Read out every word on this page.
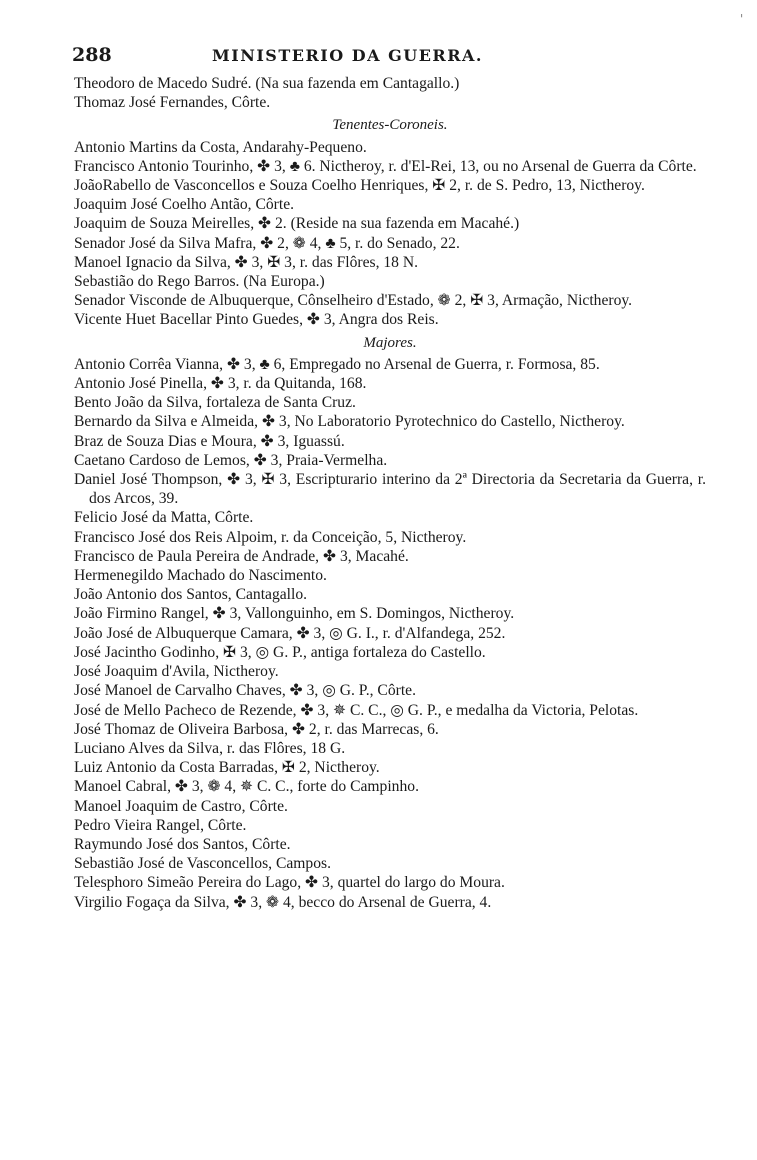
'
288	MINISTERIO DA GUERRA.

Theodoro de Macedo Sudré. (Na sua fazenda em Cantagallo.)

Thomaz José Fernandes, Côrte.

Tenentes-Coroneis.

Antonio Martins da Costa, Andarahy-Pequeno.

Francisco Antonio Tourinho, ✤ 3, ♣ 6. Nictheroy, r. d'El-Rei, 13, ou no Arsenal de Guerra da Côrte.

JoãoRabello de Vasconcellos e Souza Coelho Henriques, ✠ 2, r. de S. Pedro, 13, Nictheroy.

Joaquim José Coelho Antão, Côrte.

Joaquim de Souza Meirelles, ✤ 2. (Reside na sua fazenda em Macahé.)

Senador José da Silva Mafra, ✤ 2, ❁ 4, ♣ 5, r. do Senado, 22.

Manoel Ignacio da Silva, ✤ 3, ✠ 3, r. das Flôres, 18 N.

Sebastião do Rego Barros. (Na Europa.)

Senador Visconde de Albuquerque, Cônselheiro d'Estado, ❁ 2, ✠ 3, Armação, Nictheroy.

Vicente Huet Bacellar Pinto Guedes, ✤ 3, Angra dos Reis.

Majores.

Antonio Corrêa Vianna, ✤ 3, ♣ 6, Empregado no Arsenal de Guerra, r. Formosa, 85.

Antonio José Pinella, ✤ 3, r. da Quitanda, 168.

Bento João da Silva, fortaleza de Santa Cruz.

Bernardo da Silva e Almeida, ✤ 3, No Laboratorio Pyrotechnico do Castello, Nictheroy.

Braz de Souza Dias e Moura, ✤ 3, Iguassú.

Caetano Cardoso de Lemos, ✤ 3, Praia-Vermelha.

Daniel José Thompson, ✤ 3, ✠ 3, Escripturario interino da 2ª Directoria da Secretaria da Guerra, r. dos Arcos, 39.

Felicio José da Matta, Côrte.

Francisco José dos Reis Alpoim, r. da Conceição, 5, Nictheroy.

Francisco de Paula Pereira de Andrade, ✤ 3, Macahé.

Hermenegildo Machado do Nascimento.

João Antonio dos Santos, Cantagallo.

João Firmino Rangel, ✤ 3, Vallonguinho, em S. Domingos, Nictheroy.

João José de Albuquerque Camara, ✤ 3, ◎ G. I., r. d'Alfandega, 252.

José Jacintho Godinho, ✠ 3, ◎ G. P., antiga fortaleza do Castello.

José Joaquim d'Avila, Nictheroy.

José Manoel de Carvalho Chaves, ✤ 3, ◎ G. P., Côrte.

José de Mello Pacheco de Rezende, ✤ 3, ✵ C. C., ◎ G. P., e medalha da Victoria, Pelotas.

José Thomaz de Oliveira Barbosa, ✤ 2, r. das Marrecas, 6.

Luciano Alves da Silva, r. das Flôres, 18 G.

Luiz Antonio da Costa Barradas, ✠ 2, Nictheroy.

Manoel Cabral, ✤ 3, ❁ 4, ✵ C. C., forte do Campinho.

Manoel Joaquim de Castro, Côrte.

Pedro Vieira Rangel, Côrte.

Raymundo José dos Santos, Côrte.

Sebastião José de Vasconcellos, Campos.

Telesphoro Simeão Pereira do Lago, ✤ 3, quartel do largo do Moura.

Virgilio Fogaça da Silva, ✤ 3, ❁ 4, becco do Arsenal de Guerra, 4.
